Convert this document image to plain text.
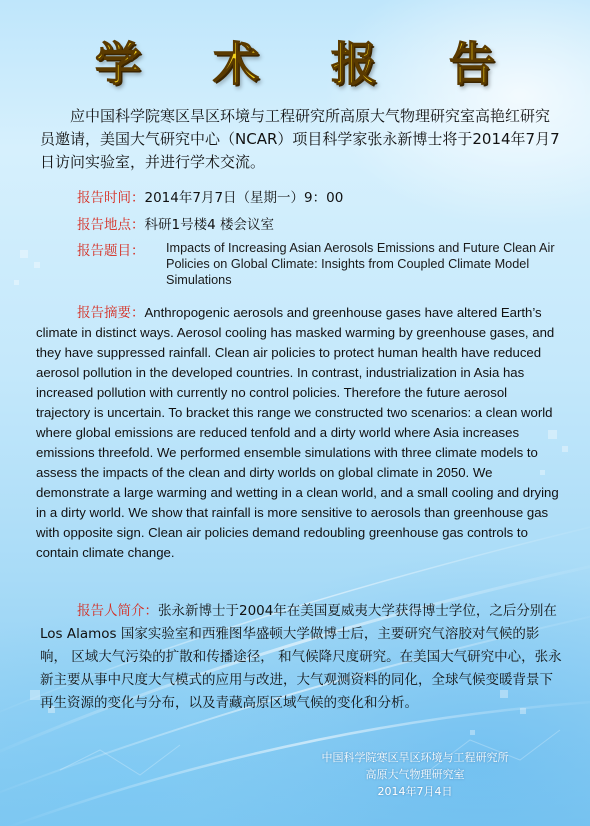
学 术 报 告
应中国科学院寒区旱区环境与工程研究所高原大气物理研究室高艳红研究员邀请，美国大气研究中心（NCAR）项目科学家张永新博士将于2014年7月7日访问实验室，并进行学术交流。
报告时间：2014年7月7日（星期一）9：00
报告地点：科研1号楼4 楼会议室
报告题目： Impacts of Increasing Asian Aerosols Emissions and Future Clean Air Policies on Global Climate: Insights from Coupled Climate Model Simulations
报告摘要：Anthropogenic aerosols and greenhouse gases have altered Earth’s climate in distinct ways. Aerosol cooling has masked warming by greenhouse gases, and they have suppressed rainfall. Clean air policies to protect human health have reduced aerosol pollution in the developed countries. In contrast, industrialization in Asia has increased pollution with currently no control policies. Therefore the future aerosol trajectory is uncertain. To bracket this range we constructed two scenarios: a clean world where global emissions are reduced tenfold and a dirty world where Asia increases emissions threefold. We performed ensemble simulations with three climate models to assess the impacts of the clean and dirty worlds on global climate in 2050. We demonstrate a large warming and wetting in a clean world, and a small cooling and drying in a dirty world. We show that rainfall is more sensitive to aerosols than greenhouse gas with opposite sign. Clean air policies demand redoubling greenhouse gas controls to contain climate change.
报告人简介：张永新博士于2004年在美国夏威夷大学获得博士学位，之后分别在Los Alamos 国家实验室和西雅图华盛顿大学做博士后，主要研究气溶胶对气候的影响， 区域大气污染的扩散和传播途径， 和气候降尺度研究。在美国大气研究中心，张永新主要从事中尺度大气模式的应用与改进，大气观测资料的同化，全球气候变暖背景下再生资源的变化与分布，以及青藏高原区域气候的变化和分析。
中国科学院寒区旱区环境与工程研究所
高原大气物理研究室
2014年7月4日
